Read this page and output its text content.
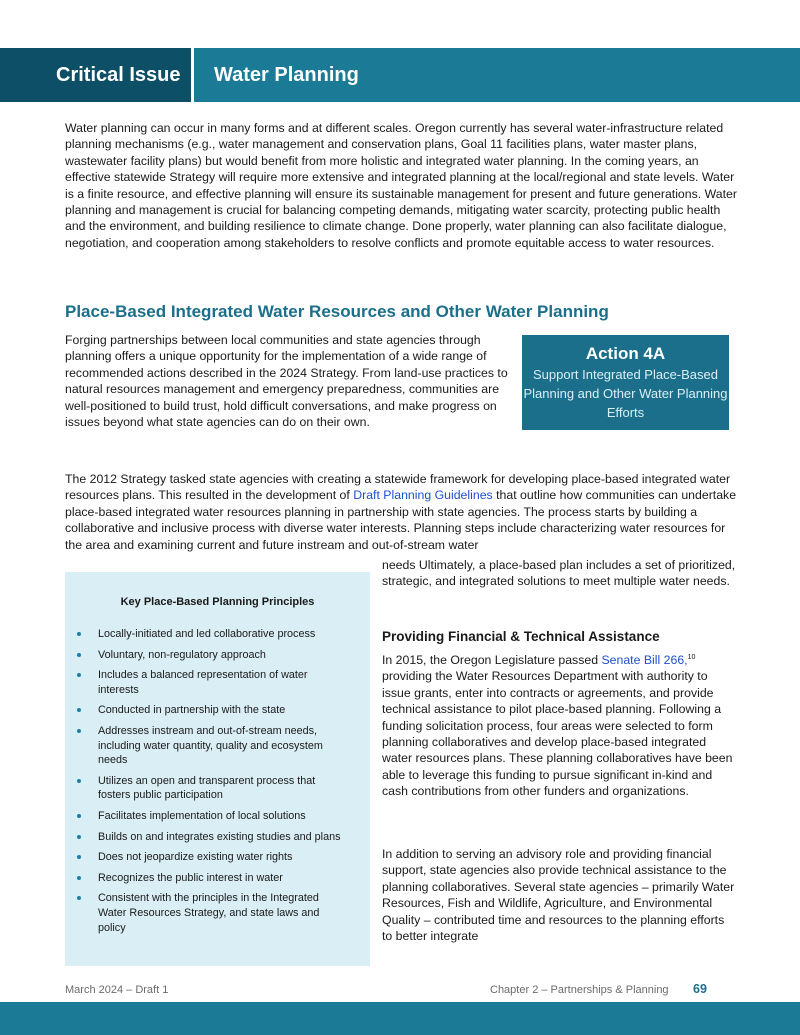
Critical Issue Water Planning

Water planning can occur in many forms and at different scales. Oregon currently has several water-infrastructure related planning mechanisms (e.g., water management and conservation plans, Goal 11 facilities plans, water master plans, wastewater facility plans) but would benefit from more holistic and integrated water planning. In the coming years, an effective statewide Strategy will require more extensive and integrated planning at the local/regional and state levels. Water is a finite resource, and effective planning will ensure its sustainable management for present and future generations. Water planning and management is crucial for balancing competing demands, mitigating water scarcity, protecting public health and the environment, and building resilience to climate change. Done properly, water planning can also facilitate dialogue, negotiation, and cooperation among stakeholders to resolve conflicts and promote equitable access to water resources.

Place-Based Integrated Water Resources and Other Water Planning

Forging partnerships between local communities and state agencies through planning offers a unique opportunity for the implementation of a wide range of recommended actions described in the 2024 Strategy. From land-use practices to natural resources management and emergency preparedness, communities are well-positioned to build trust, hold difficult conversations, and make progress on issues beyond what state agencies can do on their own.

Action 4A
Support Integrated Place-Based Planning and Other Water Planning Efforts

The 2012 Strategy tasked state agencies with creating a statewide framework for developing place-based integrated water resources plans. This resulted in the development of Draft Planning Guidelines that outline how communities can undertake place-based integrated water resources planning in partnership with state agencies. The process starts by building a collaborative and inclusive process with diverse water interests. Planning steps include characterizing water resources for the area and examining current and future instream and out-of-stream water

Key Place-Based Planning Principles
Locally-initiated and led collaborative process
Voluntary, non-regulatory approach
Includes a balanced representation of water interests
Conducted in partnership with the state
Addresses instream and out-of-stream needs, including water quantity, quality and ecosystem needs
Utilizes an open and transparent process that fosters public participation
Facilitates implementation of local solutions
Builds on and integrates existing studies and plans
Does not jeopardize existing water rights
Recognizes the public interest in water
Consistent with the principles in the Integrated Water Resources Strategy, and state laws and policy

needs Ultimately, a place-based plan includes a set of prioritized, strategic, and integrated solutions to meet multiple water needs.

Providing Financial & Technical Assistance

In 2015, the Oregon Legislature passed Senate Bill 266,10 providing the Water Resources Department with authority to issue grants, enter into contracts or agreements, and provide technical assistance to pilot place-based planning. Following a funding solicitation process, four areas were selected to form planning collaboratives and develop place-based integrated water resources plans. These planning collaboratives have been able to leverage this funding to pursue significant in-kind and cash contributions from other funders and organizations.

In addition to serving an advisory role and providing financial support, state agencies also provide technical assistance to the planning collaboratives. Several state agencies – primarily Water Resources, Fish and Wildlife, Agriculture, and Environmental Quality – contributed time and resources to the planning efforts to better integrate

March 2024 – Draft 1	Chapter 2 – Partnerships & Planning 69
